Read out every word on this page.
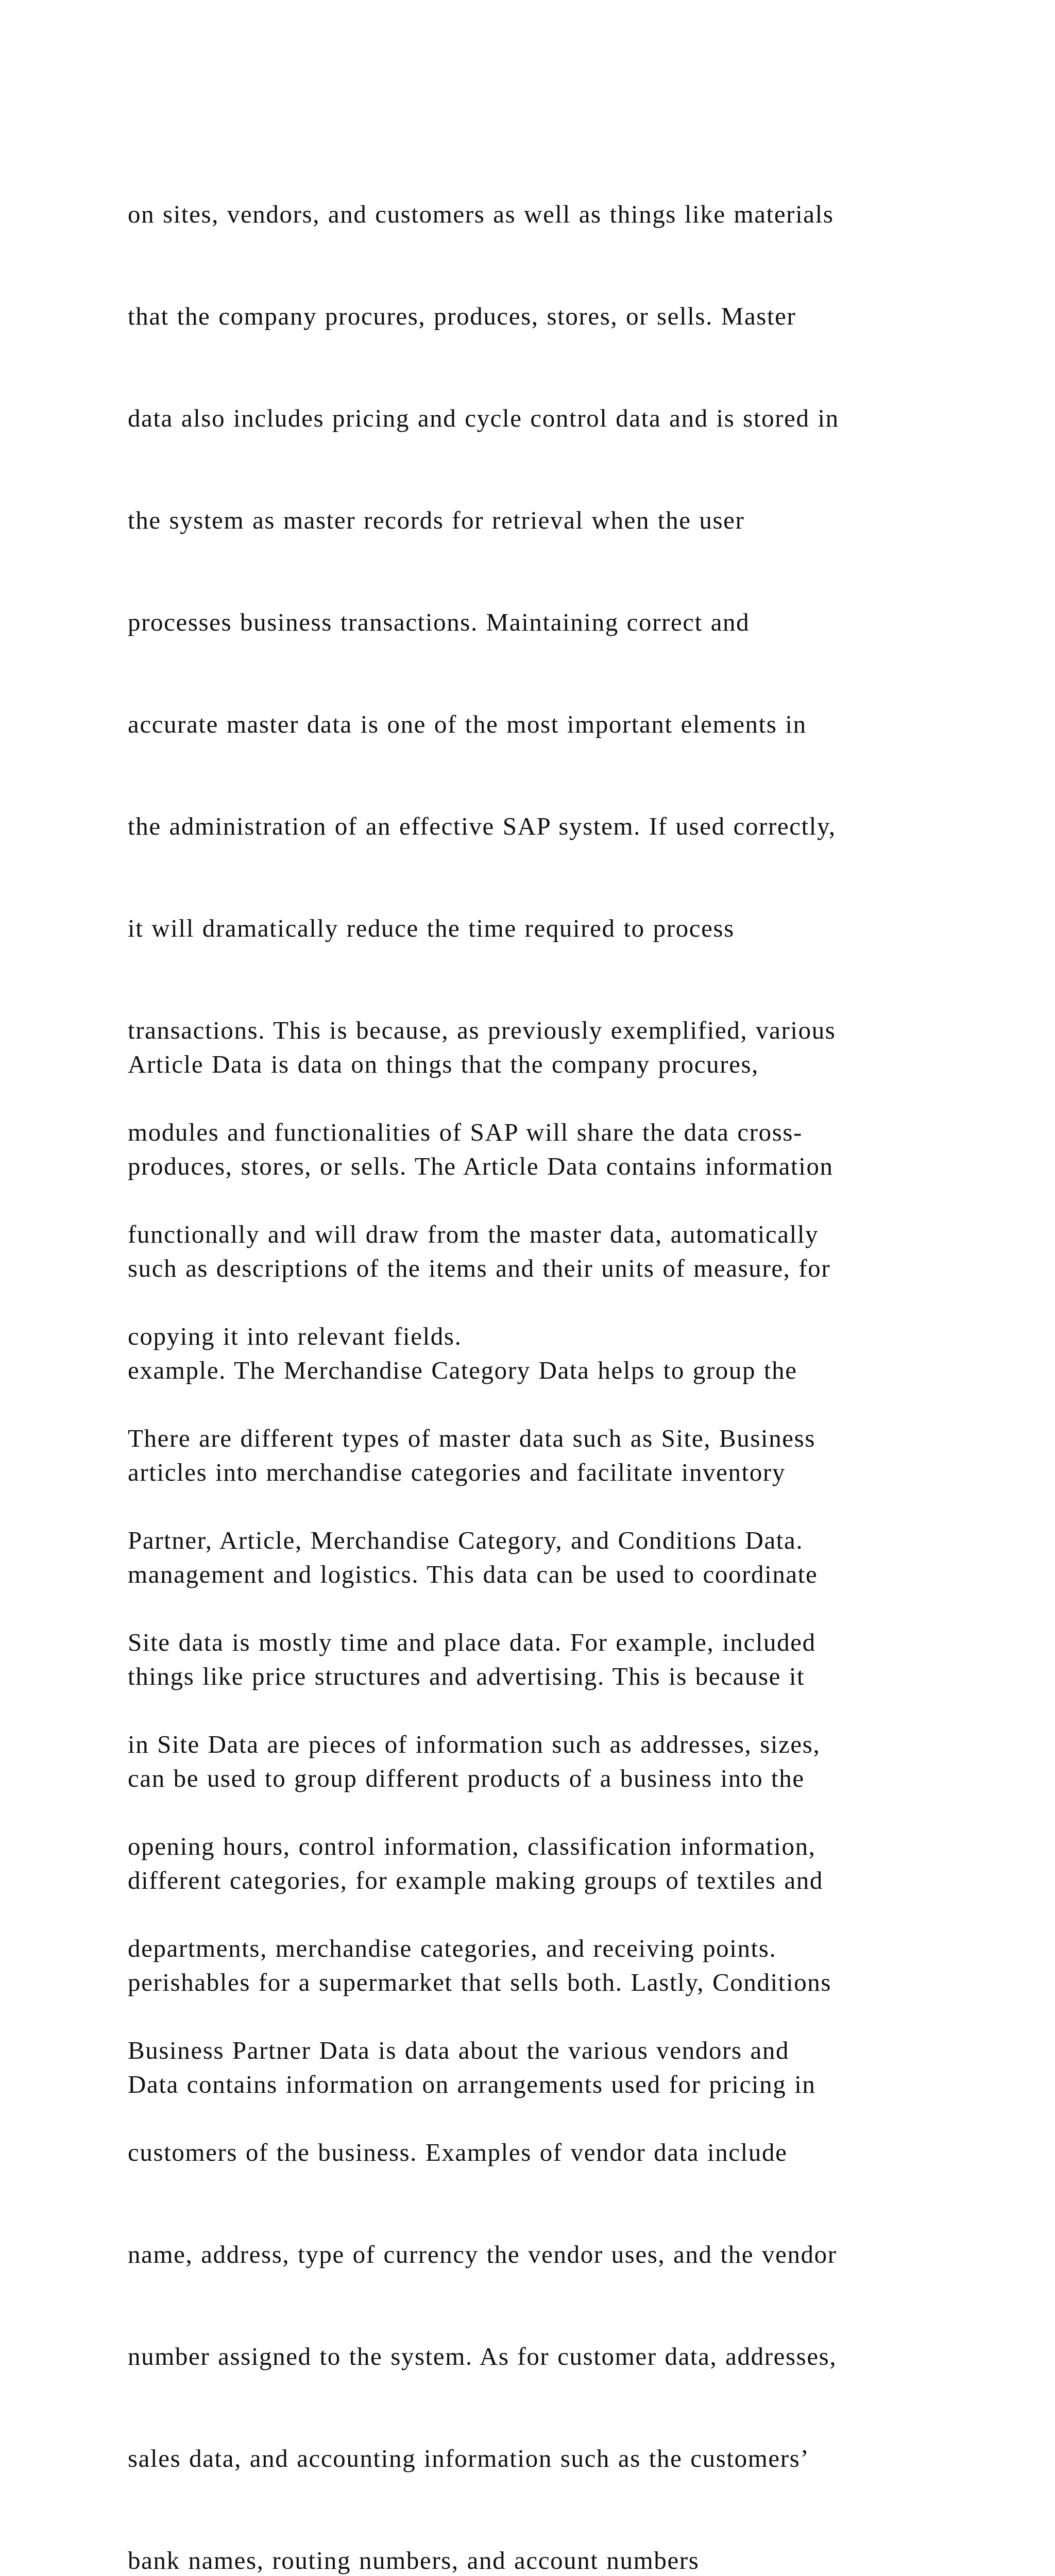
on sites, vendors, and customers as well as things like materials

that the company procures, produces, stores, or sells. Master

data also includes pricing and cycle control data and is stored in

the system as master records for retrieval when the user

processes business transactions. Maintaining correct and

accurate master data is one of the most important elements in

the administration of an effective SAP system. If used correctly,

it will dramatically reduce the time required to process

transactions. This is because, as previously exemplified, various

modules and functionalities of SAP will share the data cross-

functionally and will draw from the master data, automatically

copying it into relevant fields.

There are different types of master data such as Site, Business

Partner, Article, Merchandise Category, and Conditions Data.

Site data is mostly time and place data. For example, included

in Site Data are pieces of information such as addresses, sizes,

opening hours, control information, classification information,

departments, merchandise categories, and receiving points.

Business Partner Data is data about the various vendors and

customers of the business. Examples of vendor data include

name, address, type of currency the vendor uses, and the vendor

number assigned to the system. As for customer data, addresses,

sales data, and accounting information such as the customers’

bank names, routing numbers, and account numbers

Article Data is data on things that the company procures,

produces, stores, or sells. The Article Data contains information

such as descriptions of the items and their units of measure, for

example. The Merchandise Category Data helps to group the

articles into merchandise categories and facilitate inventory

management and logistics. This data can be used to coordinate

things like price structures and advertising. This is because it

can be used to group different products of a business into the

different categories, for example making groups of textiles and

perishables for a supermarket that sells both. Lastly, Conditions

Data contains information on arrangements used for pricing in
